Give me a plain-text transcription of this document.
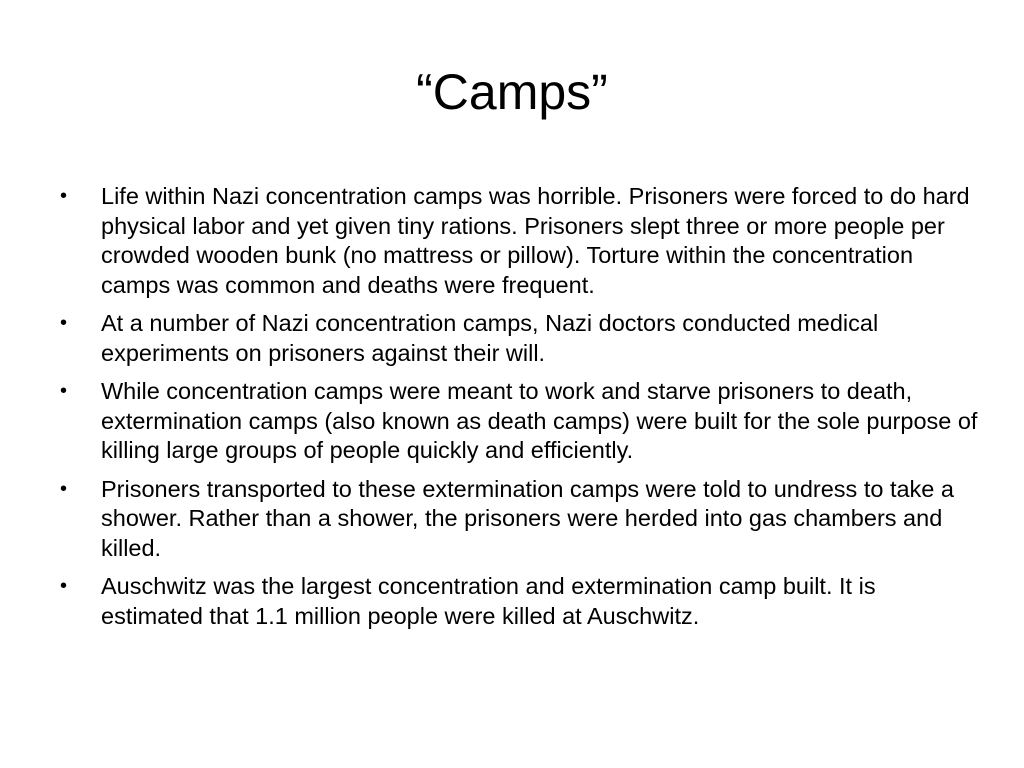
“Camps”
•	Life within Nazi concentration camps was horrible. Prisoners were forced to do hard physical labor and yet given tiny rations. Prisoners slept three or more people per crowded wooden bunk (no mattress or pillow). Torture within the concentration camps was common and deaths were frequent.
•	At a number of Nazi concentration camps, Nazi doctors conducted medical experiments on prisoners against their will.
•	While concentration camps were meant to work and starve prisoners to death, extermination camps (also known as death camps) were built for the sole purpose of killing large groups of people quickly and efficiently.
•	Prisoners transported to these extermination camps were told to undress to take a shower. Rather than a shower, the prisoners were herded into gas chambers and killed.
•	Auschwitz was the largest concentration and extermination camp built. It is estimated that 1.1 million people were killed at Auschwitz.
